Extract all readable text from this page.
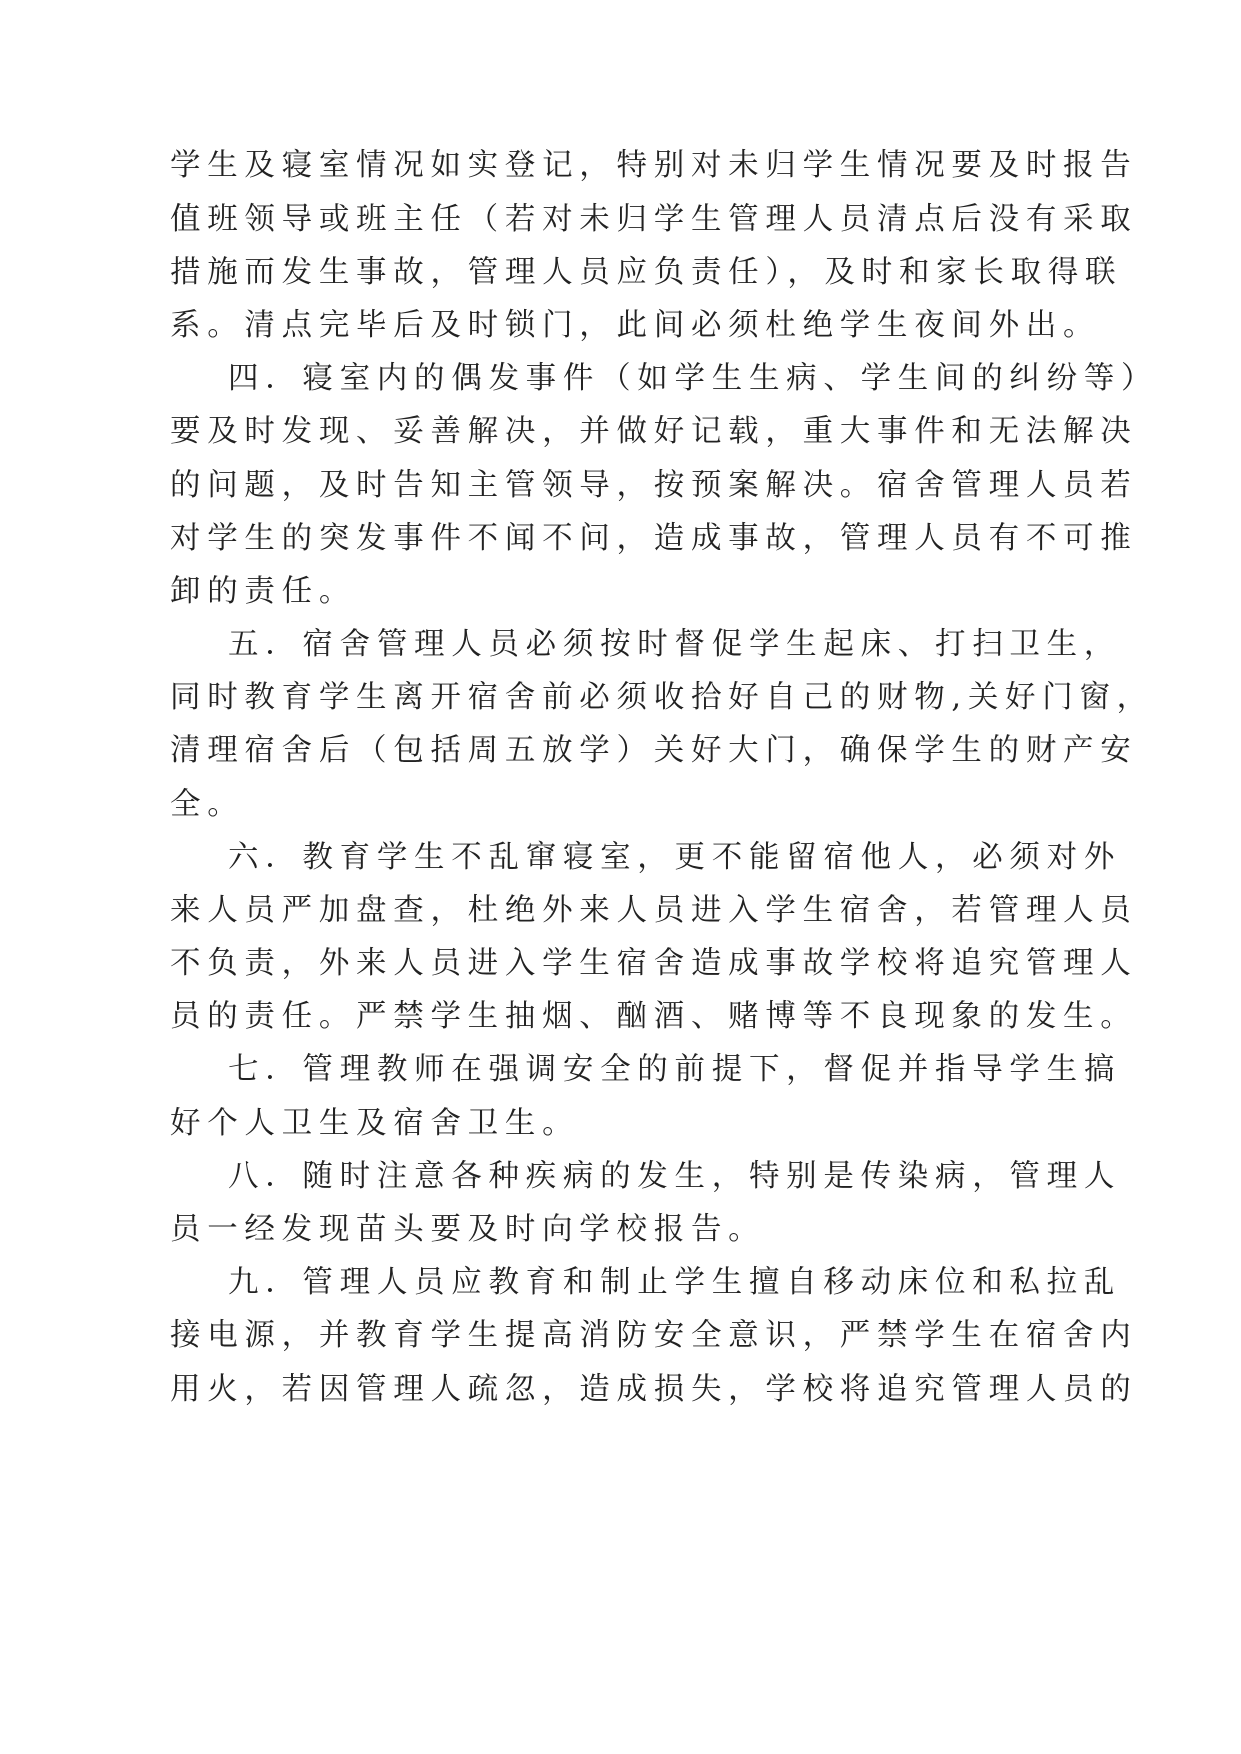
学生及寝室情况如实登记，特别对未归学生情况要及时报告

值班领导或班主任（若对未归学生管理人员清点后没有采取

措施而发生事故，管理人员应负责任），及时和家长取得联

系。清点完毕后及时锁门，此间必须杜绝学生夜间外出。

四．寝室内的偶发事件（如学生生病、学生间的纠纷等）

要及时发现、妥善解决，并做好记载，重大事件和无法解决

的问题，及时告知主管领导，按预案解决。宿舍管理人员若

对学生的突发事件不闻不问，造成事故，管理人员有不可推

卸的责任。

五．宿舍管理人员必须按时督促学生起床、打扫卫生，

同时教育学生离开宿舍前必须收拾好自己的财物,关好门窗，

清理宿舍后（包括周五放学）关好大门，确保学生的财产安

全。

六．教育学生不乱窜寝室，更不能留宿他人，必须对外

来人员严加盘查，杜绝外来人员进入学生宿舍，若管理人员

不负责，外来人员进入学生宿舍造成事故学校将追究管理人

员的责任。严禁学生抽烟、酗酒、赌博等不良现象的发生。

七．管理教师在强调安全的前提下，督促并指导学生搞

好个人卫生及宿舍卫生。

八．随时注意各种疾病的发生，特别是传染病，管理人

员一经发现苗头要及时向学校报告。

九．管理人员应教育和制止学生擅自移动床位和私拉乱

接电源，并教育学生提高消防安全意识，严禁学生在宿舍内

用火，若因管理人疏忽，造成损失，学校将追究管理人员的
